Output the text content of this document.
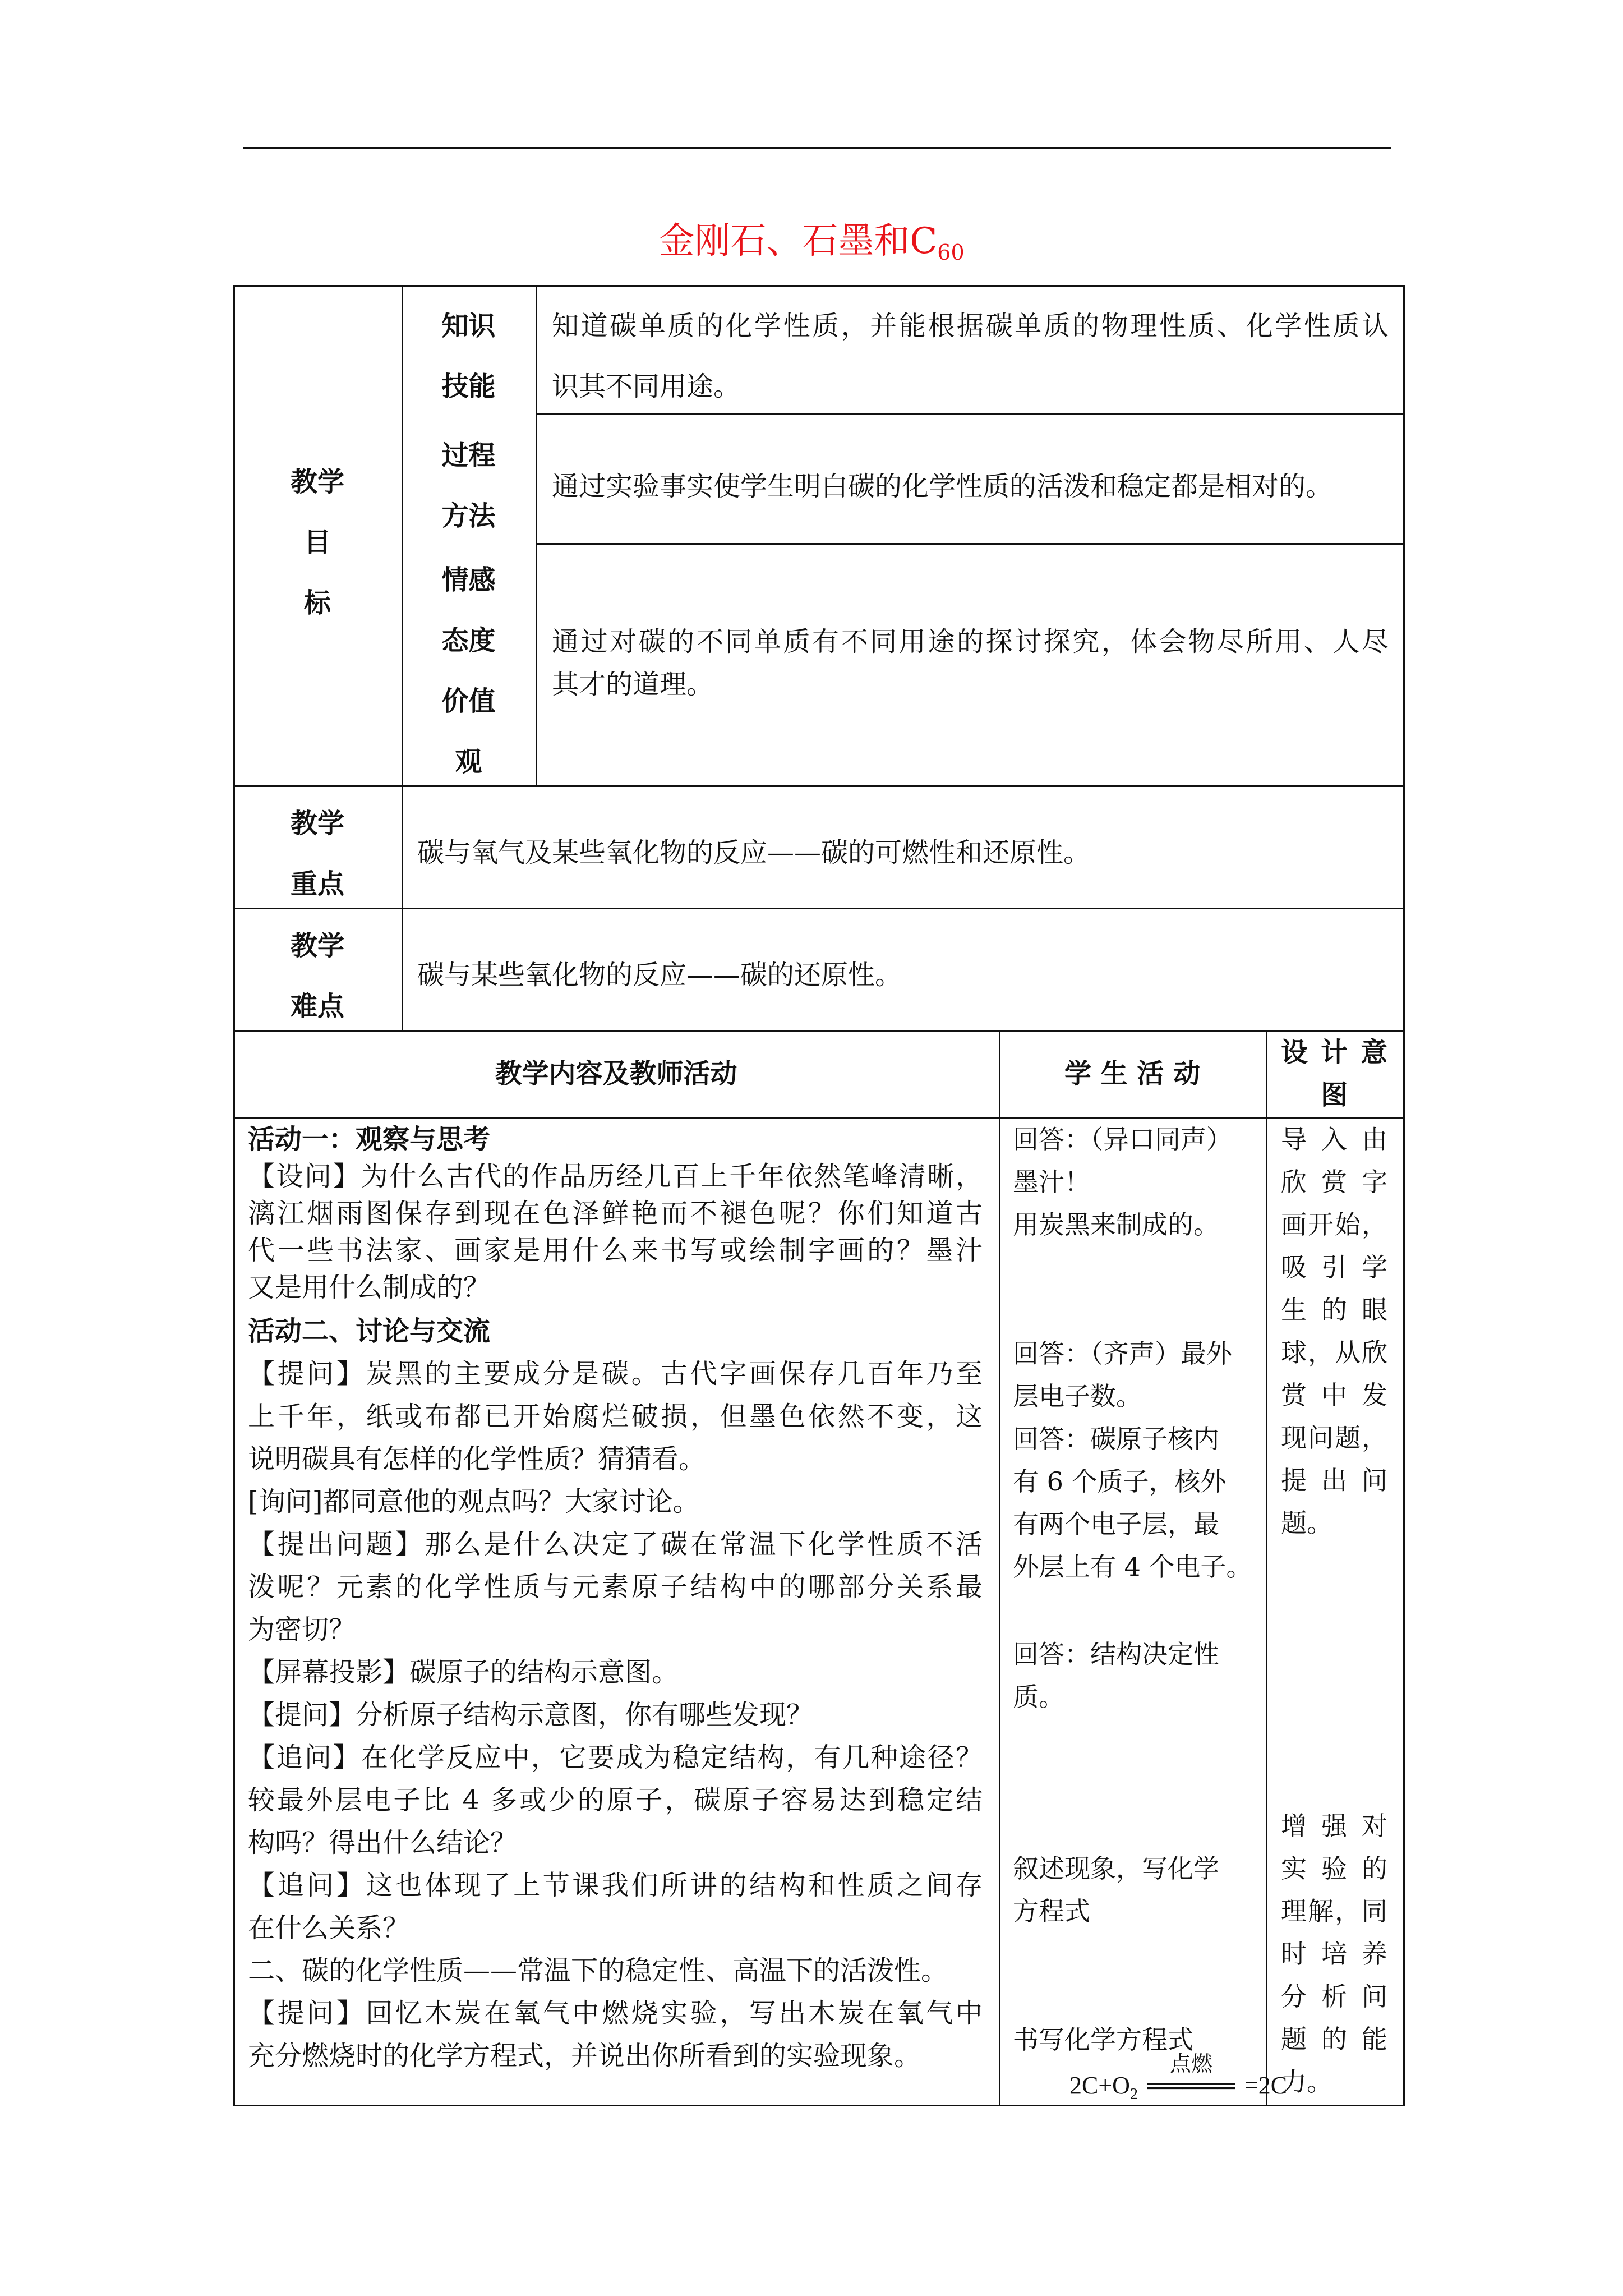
金刚石、石墨和$C_{60}$
教学
目
标
知识
技能
过程
方法
情感
态度
价值
观
知道碳单质的化学性质，并能根据碳单质的物理性质、化学性质认
识其不同用途。
通过实验事实使学生明白碳的化学性质的活泼和稳定都是相对的。
通过对碳的不同单质有不同用途的探讨探究，体会物尽所用、人尽
其才的道理。
教学
重点
碳与氧气及某些氧化物的反应——碳的可燃性和还原性。
教学
难点
碳与某些氧化物的反应——碳的还原性。
教学内容及教师活动	学 生 活 动
设 计 意
图
活动一：观察与思考
【设问】为什么古代的作品历经几百上千年依然笔峰清晰，
漓江烟雨图保存到现在色泽鲜艳而不褪色呢？你们知道古
代一些书法家、画家是用什么来书写或绘制字画的？墨汁
又是用什么制成的？
活动二、讨论与交流
【提问】炭黑的主要成分是碳。古代字画保存几百年乃至
上千年，纸或布都已开始腐烂破损，但墨色依然不变，这
说明碳具有怎样的化学性质？猜猜看。
[询问]都同意他的观点吗？大家讨论。
【提出问题】那么是什么决定了碳在常温下化学性质不活
泼呢？元素的化学性质与元素原子结构中的哪部分关系最
为密切？
【屏幕投影】碳原子的结构示意图。
【提问】分析原子结构示意图，你有哪些发现？
【追问】在化学反应中，它要成为稳定结构，有几种途径？
较最外层电子比 4 多或少的原子，碳原子容易达到稳定结
构吗？得出什么结论？
【追问】这也体现了上节课我们所讲的结构和性质之间存
在什么关系？
二、碳的化学性质——常温下的稳定性、高温下的活泼性。
【提问】回忆木炭在氧气中燃烧实验，写出木炭在氧气中
充分燃烧时的化学方程式，并说出你所看到的实验现象。
回答：（异口同声）
墨汁！
用炭黑来制成的。
回答：（齐声）最外
层电子数。
回答：碳原子核内
有 6 个质子，核外
有两个电子层，最
外层上有 4 个电子。
回答：结构决定性
质。
叙述现象，写化学
方程式
书写化学方程式
导 入 由
欣 赏 字
画开始，
吸 引 学
生 的 眼
球，从欣
赏 中 发
现问题，
提 出 问
题。
增 强 对
实 验 的
理解，同
时 培 养
分 析 问
题 的 能
力。
$2C+O_2$
点燃
═════ =2C
